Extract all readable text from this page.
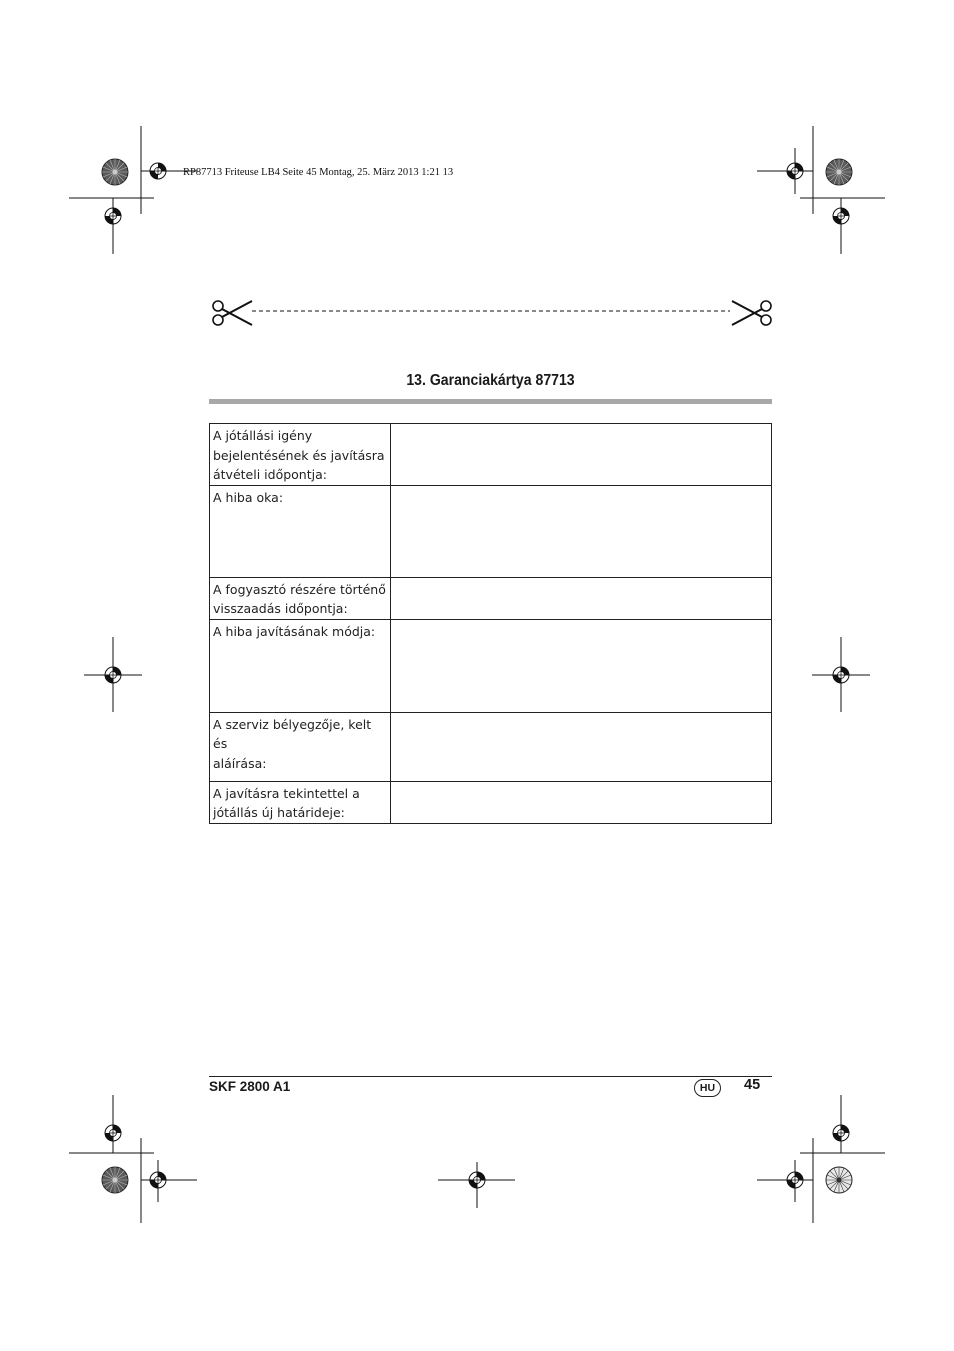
RP87713 Friteuse LB4 Seite 45 Montag, 25. März 2013 1:21 13
13. Garanciakártya 87713
A jótállási igény
bejelentésének és javításra
átvételi időpontja:	

A hiba oka:	

A fogyasztó részére történő
visszaadás időpontja:	

A hiba javításának módja:	

A szerviz bélyegzője, kelt és
aláírása:	

A javításra tekintettel a
jótállás új határideje:	

SKF 2800 A1	HU	45
